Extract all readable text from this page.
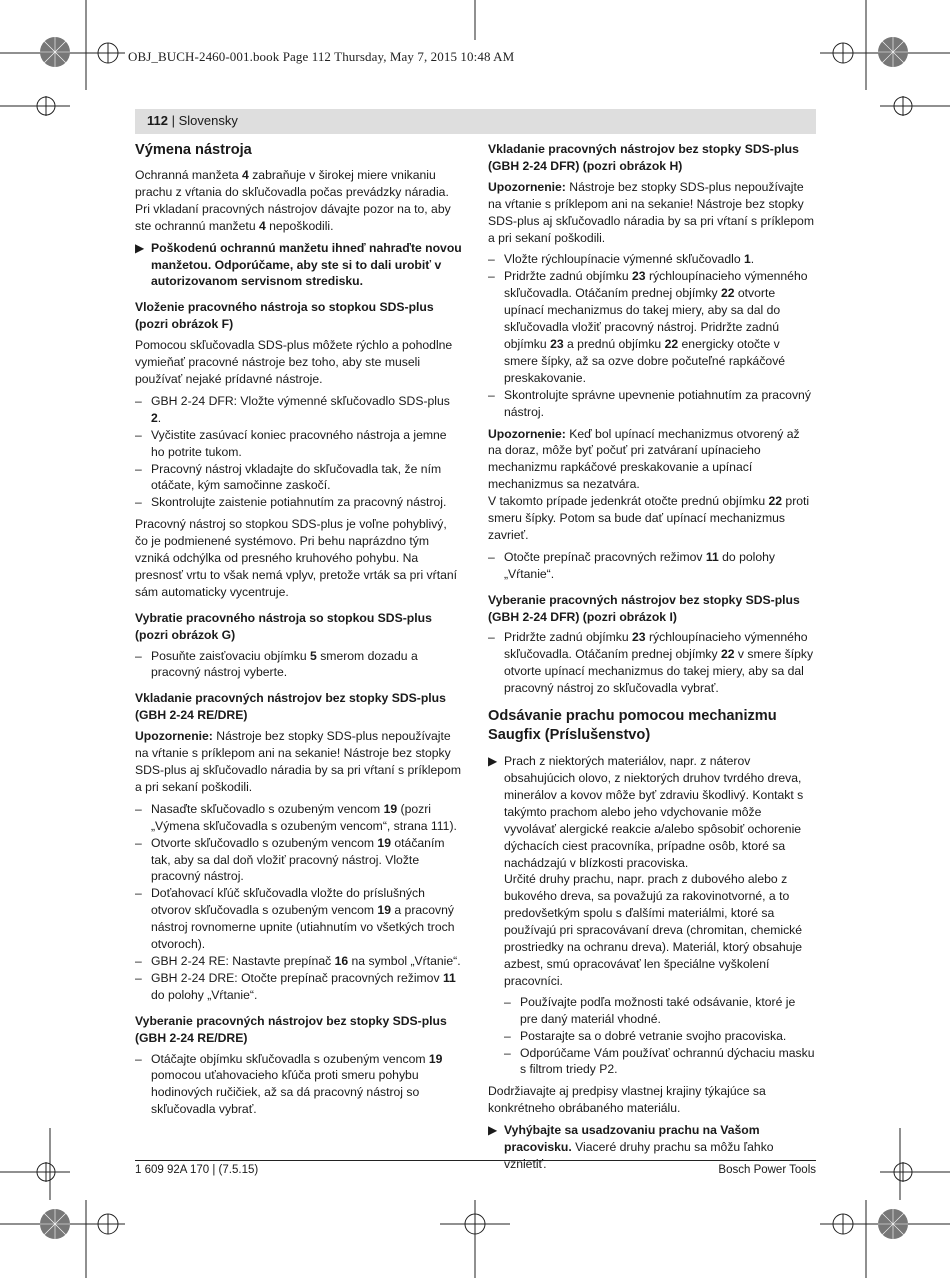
OBJ_BUCH-2460-001.book Page 112 Thursday, May 7, 2015 10:48 AM
112 | Slovensky
Výmena nástroja

Ochranná manžeta 4 zabraňuje v širokej miere vnikaniu prachu z vŕtania do skľučovadla počas prevádzky náradia. Pri vkladaní pracovných nástrojov dávajte pozor na to, aby ste ochrannú manžetu 4 nepoškodili.

▶ Poškodenú ochrannú manžetu ihneď nahraďte novou manžetou. Odporúčame, aby ste si to dali urobiť v autorizovanom servisnom stredisku.
Vloženie pracovného nástroja so stopkou SDS-plus (pozri obrázok F)

Pomocou skľučovadla SDS-plus môžete rýchlo a pohodlne vymieňať pracovné nástroje bez toho, aby ste museli používať nejaké prídavné nástroje.

– GBH 2-24 DFR: Vložte výmenné skľučovadlo SDS-plus 2.
– Vyčistite zasúvací koniec pracovného nástroja a jemne ho potrite tukom.
– Pracovný nástroj vkladajte do skľučovadla tak, že ním otáčate, kým samočinne zaskočí.
– Skontrolujte zaistenie potiahnutím za pracovný nástroj.

Pracovný nástroj so stopkou SDS-plus je voľne pohyblivý, čo je podmienené systémovo. Pri behu naprázdno tým vzniká odchýlka od presného kruhového pohybu. Na presnosť vrtu to však nemá vplyv, pretože vrták sa pri vŕtaní sám automaticky vycentruje.

Vybratie pracovného nástroja so stopkou SDS-plus (pozri obrázok G)
– Posuňte zaisťovaciu objímku 5 smerom dozadu a pracovný nástroj vyberte.
Vkladanie pracovných nástrojov bez stopky SDS-plus (GBH 2-24 RE/DRE)

Upozornenie: Nástroje bez stopky SDS-plus nepoužívajte na vŕtanie s príklepom ani na sekanie! Nástroje bez stopky SDS-plus aj skľučovadlo náradia by sa pri vŕtaní s príklepom a pri sekaní poškodili.

– Nasaďte skľučovadlo s ozubeným vencom 19 (pozri „Výmena skľučovadla s ozubeným vencom“, strana 111).
– Otvorte skľučovadlo s ozubeným vencom 19 otáčaním tak, aby sa dal doň vložiť pracovný nástroj. Vložte pracovný nástroj.
– Doťahovací kľúč skľučovadla vložte do príslušných otvorov skľučovadla s ozubeným vencom 19 a pracovný nástroj rovnomerne upnite (utiahnutím vo všetkých troch otvoroch).
– GBH 2-24 RE: Nastavte prepínač 16 na symbol „Vŕtanie“.
– GBH 2-24 DRE: Otočte prepínač pracovných režimov 11 do polohy „Vŕtanie“.
Vyberanie pracovných nástrojov bez stopky SDS-plus (GBH 2-24 RE/DRE)
– Otáčajte objímku skľučovadla s ozubeným vencom 19 pomocou uťahovacieho kľúča proti smeru pohybu hodinových ručičiek, až sa dá pracovný nástroj so skľučovadla vybrať.
Vkladanie pracovných nástrojov bez stopky SDS-plus (GBH 2-24 DFR) (pozri obrázok H)

Upozornenie: Nástroje bez stopky SDS-plus nepoužívajte na vŕtanie s príklepom ani na sekanie! Nástroje bez stopky SDS-plus aj skľučovadlo náradia by sa pri vŕtaní s príklepom a pri sekaní poškodili.

– Vložte rýchloupínacie výmenné skľučovadlo 1.
– Pridržte zadnú objímku 23 rýchloupínacieho výmenného skľučovadla. Otáčaním prednej objímky 22 otvorte upínací mechanizmus do takej miery, aby sa dal do skľučovadla vložiť pracovný nástroj. Pridržte zadnú objímku 23 a prednú objímku 22 energicky otočte v smere šípky, až sa ozve dobre počuteľné rapkáčové preskakovanie.
– Skontrolujte správne upevnenie potiahnutím za pracovný nástroj.

Upozornenie: Keď bol upínací mechanizmus otvorený až na doraz, môže byť počuť pri zatváraní upínacieho mechanizmu rapkáčové preskakovanie a upínací mechanizmus sa nezatvára.

V takomto prípade jedenkrát otočte prednú objímku 22 proti smeru šípky. Potom sa bude dať upínací mechanizmus zavrieť.

– Otočte prepínač pracovných režimov 11 do polohy „Vŕtanie“.
Vyberanie pracovných nástrojov bez stopky SDS-plus (GBH 2-24 DFR) (pozri obrázok I)
– Pridržte zadnú objímku 23 rýchloupínacieho výmenného skľučovadla. Otáčaním prednej objímky 22 v smere šípky otvorte upínací mechanizmus do takej miery, aby sa dal pracovný nástroj zo skľučovadla vybrať.
Odsávanie prachu pomocou mechanizmu Saugfix (Príslušenstvo)
▶ Prach z niektorých materiálov, napr. z náterov obsahujúcich olovo, z niektorých druhov tvrdého dreva, minerálov a kovov môže byť zdraviu škodlivý. Kontakt s takýmto prachom alebo jeho vdychovanie môže vyvolávať alergické reakcie a/alebo spôsobiť ochorenie dýchacích ciest pracovníka, prípadne osôb, ktoré sa nachádzajú v blízkosti pracoviska.

Určité druhy prachu, napr. prach z dubového alebo z bukového dreva, sa považujú za rakovinotvorné, a to predovšetkým spolu s ďalšími materiálmi, ktoré sa používajú pri spracovávaní dreva (chromitan, chemické prostriedky na ochranu dreva). Materiál, ktorý obsahuje azbest, smú opracovávať len špeciálne vyškolení pracovníci.

– Používajte podľa možnosti také odsávanie, ktoré je pre daný materiál vhodné.
– Postarajte sa o dobré vetranie svojho pracoviska.
– Odporúčame Vám používať ochrannú dýchaciu masku s filtrom triedy P2.

Dodržiavajte aj predpisy vlastnej krajiny týkajúce sa konkrétneho obrábaného materiálu.

▶ Vyhýbajte sa usadzovaniu prachu na Vašom pracovisku. Viaceré druhy prachu sa môžu ľahko vznietiť.
1 609 92A 170 | (7.5.15)	Bosch Power Tools
